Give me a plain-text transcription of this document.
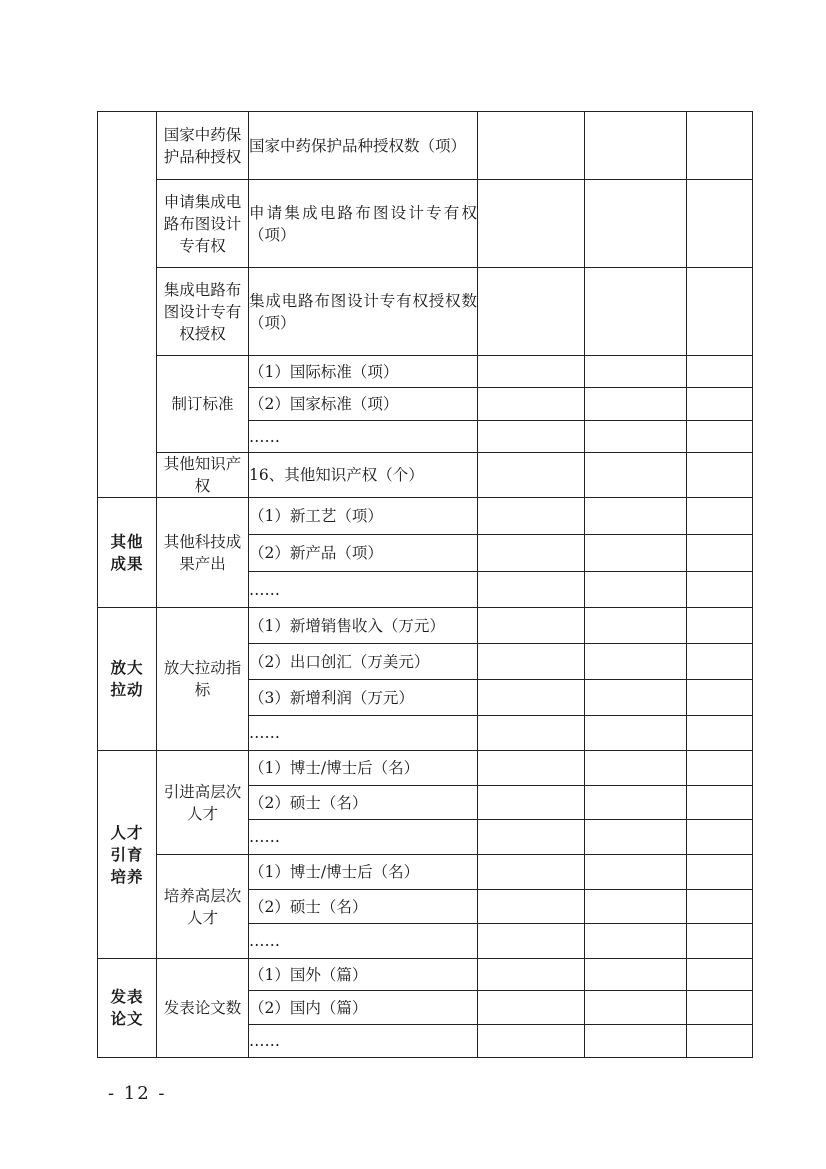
	国家中药保护品种授权	国家中药保护品种授权数（项）			
	申请集成电路布图设计专有权	申请集成电路布图设计专有权（项）			
	集成电路布图设计专有权授权	集成电路布图设计专有权授权数（项）			
	制订标准	（1）国际标准（项）			
		（2）国家标准（项）			
		……			
	其他知识产权	16、其他知识产权（个）			

其他成果	其他科技成果产出	（1）新工艺（项）			
		（2）新产品（项）			
		……			

放大拉动	放大拉动指标	（1）新增销售收入（万元）			
		（2）出口创汇（万美元）			
		（3）新增利润（万元）			
		……			

人才引育培养	引进高层次人才	（1）博士/博士后（名）			
		（2）硕士（名）			
		……			
	培养高层次人才	（1）博士/博士后（名）			
		（2）硕士（名）			
		……			

发表论文	发表论文数	（1）国外（篇）			
		（2）国内（篇）			
		……			
- 12 -
